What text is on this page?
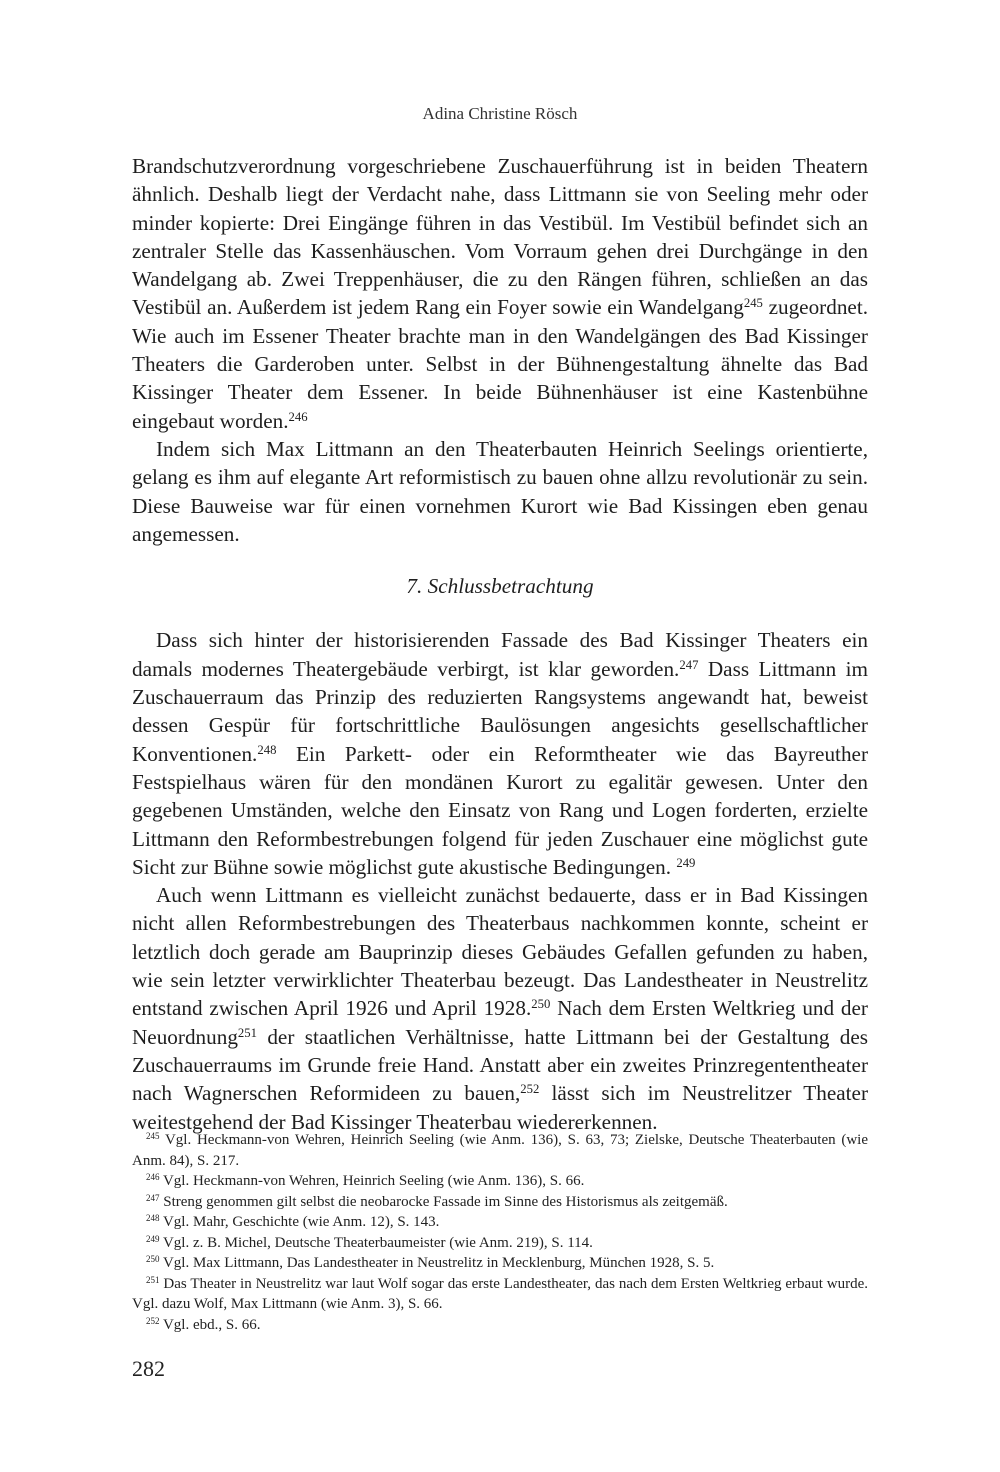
Adina Christine Rösch

Brandschutzverordnung vorgeschriebene Zuschauerführung ist in beiden Theatern ähnlich. Deshalb liegt der Verdacht nahe, dass Littmann sie von Seeling mehr oder minder kopierte: Drei Eingänge führen in das Vestibül. Im Vestibül befindet sich an zentraler Stelle das Kassenhäuschen. Vom Vorraum gehen drei Durchgänge in den Wandelgang ab. Zwei Treppenhäuser, die zu den Rängen führen, schließen an das Vestibül an. Außerdem ist jedem Rang ein Foyer sowie ein Wandelgang$^{245}$ zugeordnet. Wie auch im Essener Theater brachte man in den Wandelgängen des Bad Kissinger Theaters die Garderoben unter. Selbst in der Bühnengestaltung ähnelte das Bad Kissinger Theater dem Essener. In beide Bühnenhäuser ist eine Kastenbühne eingebaut worden.$^{246}$

Indem sich Max Littmann an den Theaterbauten Heinrich Seelings orientierte, gelang es ihm auf elegante Art reformistisch zu bauen ohne allzu revolutionär zu sein. Diese Bauweise war für einen vornehmen Kurort wie Bad Kissingen eben genau angemessen.

7. Schlussbetrachtung

Dass sich hinter der historisierenden Fassade des Bad Kissinger Theaters ein damals modernes Theatergebäude verbirgt, ist klar geworden.$^{247}$ Dass Littmann im Zuschauerraum das Prinzip des reduzierten Rangsystems angewandt hat, beweist dessen Gespür für fortschrittliche Baulösungen angesichts gesellschaftlicher Konventionen.$^{248}$ Ein Parkett- oder ein Reformtheater wie das Bayreuther Festspielhaus wären für den mondänen Kurort zu egalitär gewesen. Unter den gegebenen Umständen, welche den Einsatz von Rang und Logen forderten, erzielte Littmann den Reformbestrebungen folgend für jeden Zuschauer eine möglichst gute Sicht zur Bühne sowie möglichst gute akustische Bedingungen. $^{249}$

Auch wenn Littmann es vielleicht zunächst bedauerte, dass er in Bad Kissingen nicht allen Reformbestrebungen des Theaterbaus nachkommen konnte, scheint er letztlich doch gerade am Bauprinzip dieses Gebäudes Gefallen gefunden zu haben, wie sein letzter verwirklichter Theaterbau bezeugt. Das Landestheater in Neustrelitz entstand zwischen April 1926 und April 1928.$^{250}$ Nach dem Ersten Weltkrieg und der Neuordnung$^{251}$ der staatlichen Verhältnisse, hatte Littmann bei der Gestaltung des Zuschauerraums im Grunde freie Hand. Anstatt aber ein zweites Prinzregententheater nach Wagnerschen Reformideen zu bauen,$^{252}$ lässt sich im Neustrelitzer Theater weitestgehend der Bad Kissinger Theaterbau wiedererkennen.

$^{245}$ Vgl. Heckmann-von Wehren, Heinrich Seeling (wie Anm. 136), S. 63, 73; Zielske, Deutsche Theaterbauten (wie Anm. 84), S. 217.

$^{246}$ Vgl. Heckmann-von Wehren, Heinrich Seeling (wie Anm. 136), S. 66.

$^{247}$ Streng genommen gilt selbst die neobarocke Fassade im Sinne des Historismus als zeitgemäß.

$^{248}$ Vgl. Mahr, Geschichte (wie Anm. 12), S. 143.

$^{249}$ Vgl. z. B. Michel, Deutsche Theaterbaumeister (wie Anm. 219), S. 114.

$^{250}$ Vgl. Max Littmann, Das Landestheater in Neustrelitz in Mecklenburg, München 1928, S. 5.

$^{251}$ Das Theater in Neustrelitz war laut Wolf sogar das erste Landestheater, das nach dem Ersten Weltkrieg erbaut wurde. Vgl. dazu Wolf, Max Littmann (wie Anm. 3), S. 66.

$^{252}$ Vgl. ebd., S. 66.

282
